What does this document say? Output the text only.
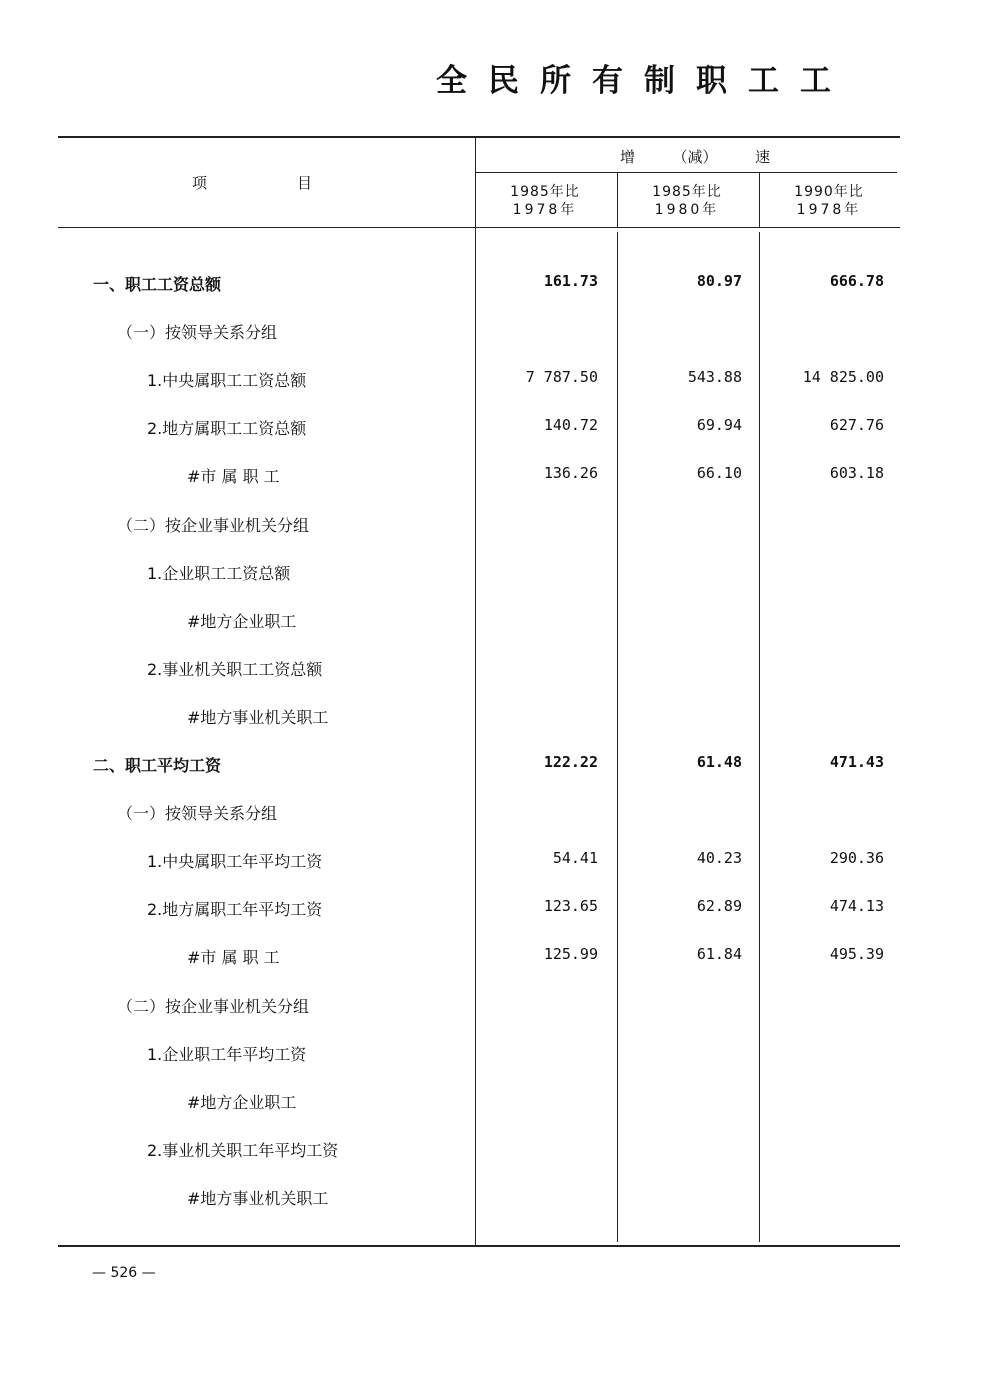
全民所有制职工工
项　　　　　　目
增　　　（减）　　　速
1985年比
1978年
1985年比
1980年
1990年比
1978年
一、职工工资总额	161.73	80.97	666.78
（一）按领导关系分组
1.中央属职工工资总额	7 787.50	543.88	14 825.00
2.地方属职工工资总额	140.72	69.94	627.76
#市 属 职 工	136.26	66.10	603.18
（二）按企业事业机关分组
1.企业职工工资总额
#地方企业职工
2.事业机关职工工资总额
#地方事业机关职工
二、职工平均工资	122.22	61.48	471.43
（一）按领导关系分组
1.中央属职工年平均工资	54.41	40.23	290.36
2.地方属职工年平均工资	123.65	62.89	474.13
#市 属 职 工	125.99	61.84	495.39
（二）按企业事业机关分组
1.企业职工年平均工资
#地方企业职工
2.事业机关职工年平均工资
#地方事业机关职工
— 526 —
